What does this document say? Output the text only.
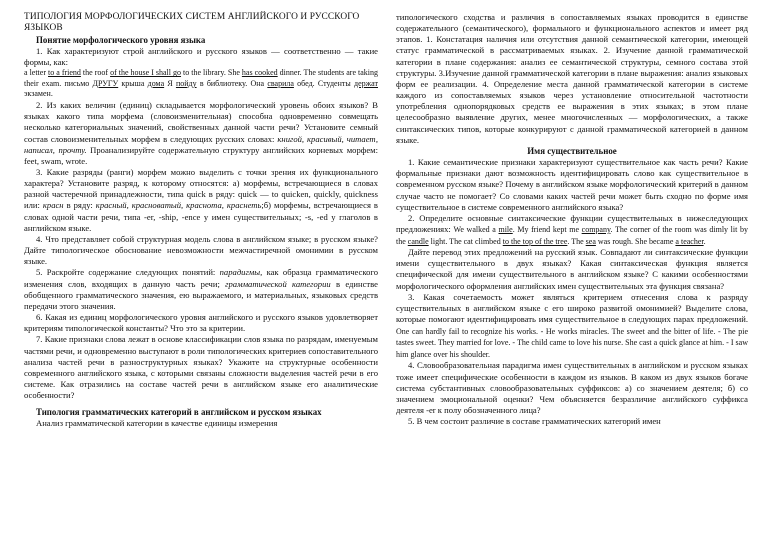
ТИПОЛОГИЯ МОРФОЛОГИЧЕСКИХ СИСТЕМ АНГЛИЙСКОГО И РУССКОГО ЯЗЫКОВ

Понятие морфологического уровня языка

1. Как характеризуют строй английского и русского языков — соответственно — такие формы, как:

a letter to a friend the roof of the house I shall go to the library. She has cooked dinner. The students are taking their exam. письмо ДРУГУ крыша дома Я пойду в библиотеку. Она сварила обед. Студенты держат экзамен.

2. Из каких величин (единиц) складывается морфологический уровень обоих языков? В языках какого типа морфема (словоизменительная) способна одновременно совмещать несколько категориальных значений, свойственных данной части речи? Установите семный состав словоизменительных морфем в следующих русских словах: книгой, красивый, читает, написал, прочту. Проанализируйте содержательную структуру английских корневых морфем: feet, swam, wrote.

3. Какие разряды (ранги) морфем можно выделить с точки зрения их функционального характера? Установите разряд, к которому относятся: а) морфемы, встречающиеся в словах разной частеречной принадлежности, типа quick в ряду: quick — to quicken, quickly, quickness или: красн в ряду: красный, красноватый, краснота, краснеть;б) морфемы, встречающиеся в словах одной части речи, типа -er, -ship, -ence у имен существительных; -s, -ed у глаголов в английском языке.

4. Что представляет собой структурная модель слова в английском языке; в русском языке? Дайте типологическое обоснование невозможности межчастиречной омонимии в русском языке.

5. Раскройте содержание следующих понятий: парадигмы, как образца грамматического изменения слов, входящих в данную часть речи; грамматической категории в единстве обобщенного грамматического значения, ею выражаемого, и материальных, языковых средств передачи этого значения.

6. Какая из единиц морфологического уровня английского и русского языков удовлетворяет критериям типологической константы? Что это за критерии.

7. Какие признаки слова лежат в основе классификации слов языка по разрядам, именуемым частями речи, и одновременно выступают в роли типологических критериев сопоставительного анализа частей речи в разноструктурных языках? Укажите на структурные особенности современного английского языка, с которыми связаны сложности выделения частей речи в его системе. Как отразились на составе частей речи в английском языке его аналитические особенности?

Типология грамматических категорий в английском и русском языках

Анализ грамматической категории в качестве единицы измерения

типологического сходства и различия в сопоставляемых языках проводится в единстве содержательного (семантического), формального и функционального аспектов и имеет ряд этапов. 1. Констатация наличия или отсутствия данной семантической категории, имеющей статус грамматической в рассматриваемых языках. 2. Изучение данной грамматической категории в плане содержания: анализ ее семантической структуры, семного состава этой структуры. 3.Изучение данной грамматической категории в плане выражения: анализ языковых форм ее реализации. 4. Определение места данной грамматической категории в системе каждого из сопоставляемых языков через установление относительной частотности употребления однопорядковых средств ее выражения в этих языках; в этом плане целесообразно выявление других, менее многочисленных — морфологических, а также синтаксических типов, которые конкурируют с данной грамматической категорией в данном языке.

Имя существительное

1. Какие семантические признаки характеризуют существительное как часть речи? Какие формальные признаки дают возможность идентифицировать слово как существительное в современном русском языке? Почему в английском языке морфологический критерий в данном случае часто не помогает? Со словами каких частей речи может быть сходно по форме имя существительное в системе современного английского языка?

2. Определите основные синтаксические функции существительных в нижеследующих предложениях: We walked a mile. My friend kept me company. The corner of the room was dimly lit by the candle light. The cat climbed to the top of the tree. The sea was rough. She became a teacher.

Дайте перевод этих предложений на русский язык. Совпадают ли синтаксические функции имени существительного в двух языках? Какая синтаксическая функция является специфической для имени существительного в английском языке? С какими особенностями морфологического оформления английских имен существительных эта функция связана?

3. Какая сочетаемость может являться критерием отнесения слова к разряду существительных в английском языке с его широко развитой омонимией? Выделите слова, которые помогают идентифицировать имя существительное в следующих парах предложений. One can hardly fail to recognize his works. - He works miracles. The sweet and the bitter of life. - The pie tastes sweet. They married for love. - The child came to love his nurse. She cast a quick glance at him. - I saw him glance over his shoulder.

4. Словообразовательная парадигма имен существительных в английском и русском языках тоже имеет специфические особенности в каждом из языков. В каком из двух языков богаче система субстантивных словообразовательных суффиксов: а) со значением деятеля; б) со значением эмоциональной оценки? Чем объясняется безразличие английского суффикса деятеля -er к полу обозначенного лица?

5. В чем состоит различие в составе грамматических категорий имен
